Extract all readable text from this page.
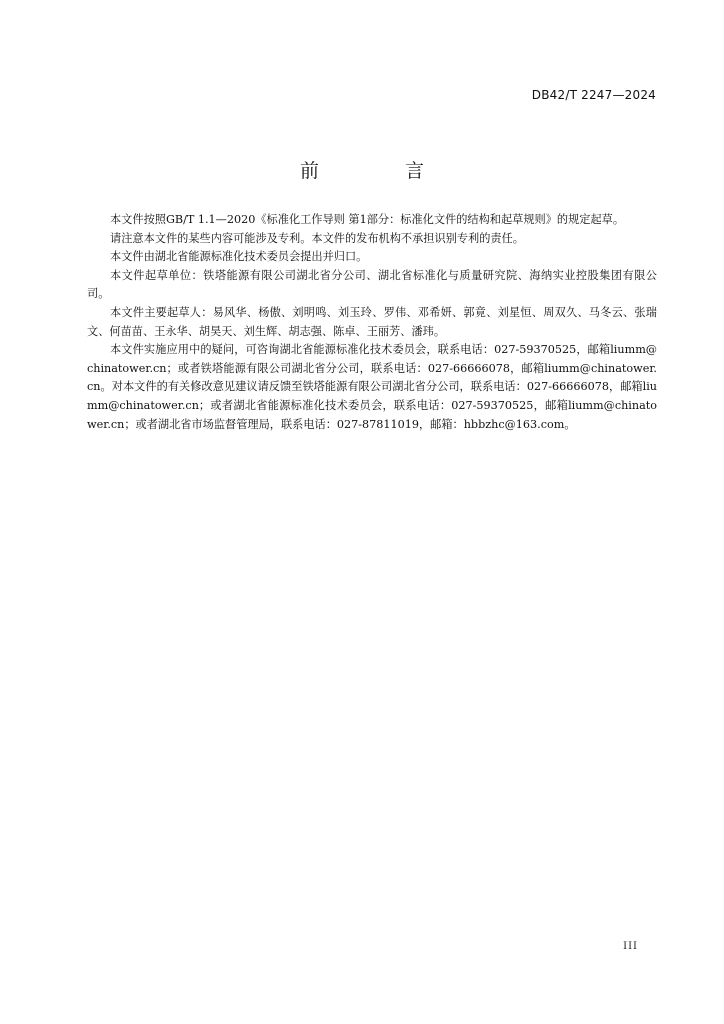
DB42/T 2247—2024
前 言

本文件按照GB/T 1.1—2020《标准化工作导则 第1部分：标准化文件的结构和起草规则》的规定起草。

请注意本文件的某些内容可能涉及专利。本文件的发布机构不承担识别专利的责任。

本文件由湖北省能源标准化技术委员会提出并归口。

本文件起草单位：铁塔能源有限公司湖北省分公司、湖北省标准化与质量研究院、海纳实业控股集团有限公司。

本文件主要起草人：易风华、杨傲、刘明鸣、刘玉玲、罗伟、邓希妍、郭竟、刘星恒、周双久、马冬云、张瑞文、何苗苗、王永华、胡昊天、刘生辉、胡志强、陈卓、王丽芳、潘玮。

本文件实施应用中的疑问，可咨询湖北省能源标准化技术委员会，联系电话：027-59370525，邮箱liumm@chinatower.cn；或者铁塔能源有限公司湖北省分公司，联系电话：027-66666078，邮箱liumm@chinatower.cn。对本文件的有关修改意见建议请反馈至铁塔能源有限公司湖北省分公司，联系电话：027-66666078，邮箱liumm@chinatower.cn；或者湖北省能源标准化技术委员会，联系电话：027-59370525，邮箱liumm@chinatower.cn；或者湖北省市场监督管理局，联系电话：027-87811019，邮箱：hbbzhc@163.com。

III
